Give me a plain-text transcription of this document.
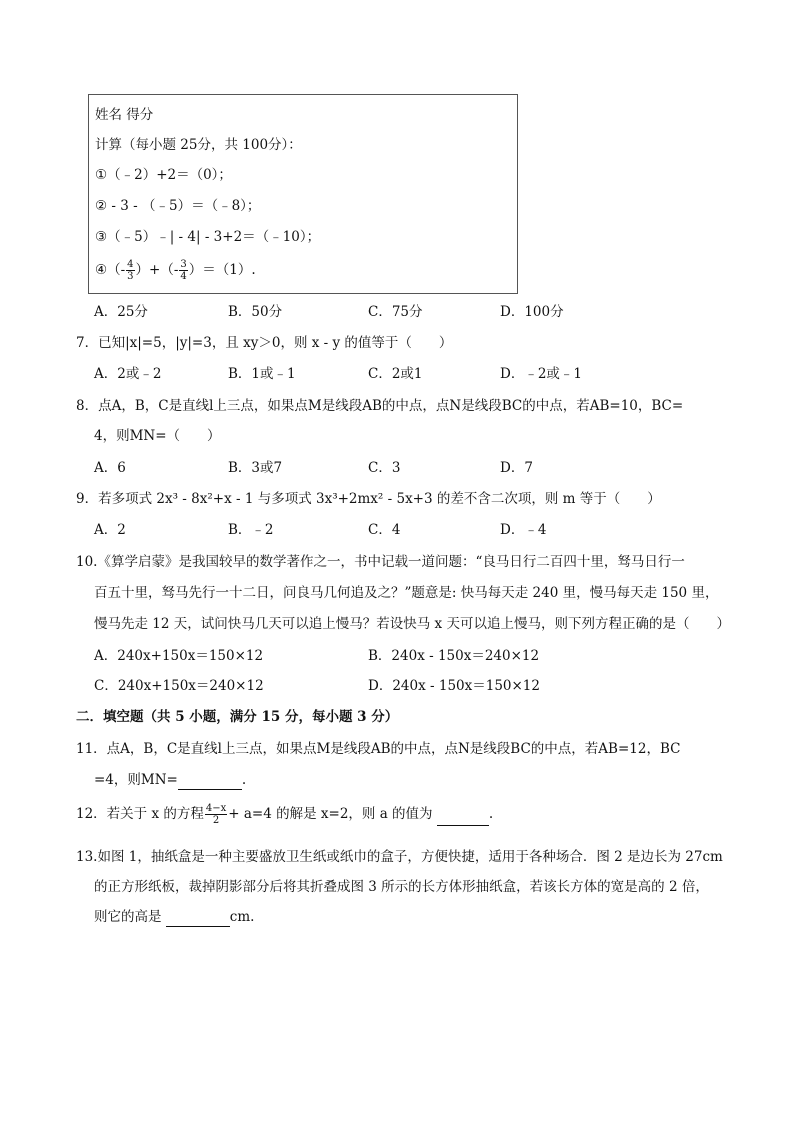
姓名 得分
计算（每小题 25分，共 100分）：
①（﹣2）+2＝（0）；
② - 3 - （﹣5）＝（﹣8）；
③（﹣5）﹣| - 4| - 3+2＝（﹣10）；
④（- $\frac{4}{3}$ ）+（- $\frac{3}{4} )=(1)$.
A．25分	B．50分	C．75分	D．100分
7．已知|x|=5，|y|=3，且 xy＞0，则 x - y 的值等于（　　）
A．2或﹣2	B．1或﹣1	C．2或1	D．﹣2或﹣1
8．点A，B，C是直线l上三点，如果点M是线段AB的中点，点N是线段BC的中点，若AB=10，BC=
4，则MN=（　　）
A．6	B．3或7	C．3	D．7
9．若多项式 2x³ - 8x²+x - 1 与多项式 3x³+2mx² - 5x+3 的差不含二次项，则 m 等于（　　）
A．2	B．﹣2	C．4	D．﹣4
10.《算学启蒙》是我国较早的数学著作之一，书中记载一道问题：“良马日行二百四十里，驽马日行一
百五十里，驽马先行一十二日，问良马几何追及之？”题意是: 快马每天走 240 里，慢马每天走 150 里，
慢马先走 12 天，试问快马几天可以追上慢马？若设快马 x 天可以追上慢马，则下列方程正确的是（　　）
A．240x+150x＝150×12	B．240x - 150x＝240×12
C．240x+150x＝240×12	D．240x - 150x＝150×12
二．填空题（共 5 小题，满分 15 分，每小题 3 分）
11．点A，B，C是直线l上三点，如果点M是线段AB的中点，点N是线段BC的中点，若AB=12，BC
=4，则MN=	.
12．若关于 x 的方程 $\frac{4-x}{2} + a=4$ 的解是 x=2，则 a 的值为	.
13.如图 1，抽纸盒是一种主要盛放卫生纸或纸巾的盒子，方便快捷，适用于各种场合．图 2 是边长为 27cm
的正方形纸板，裁掉阴影部分后将其折叠成图 3 所示的长方体形抽纸盒，若该长方体的宽是高的 2 倍，
则它的高是	cm.
